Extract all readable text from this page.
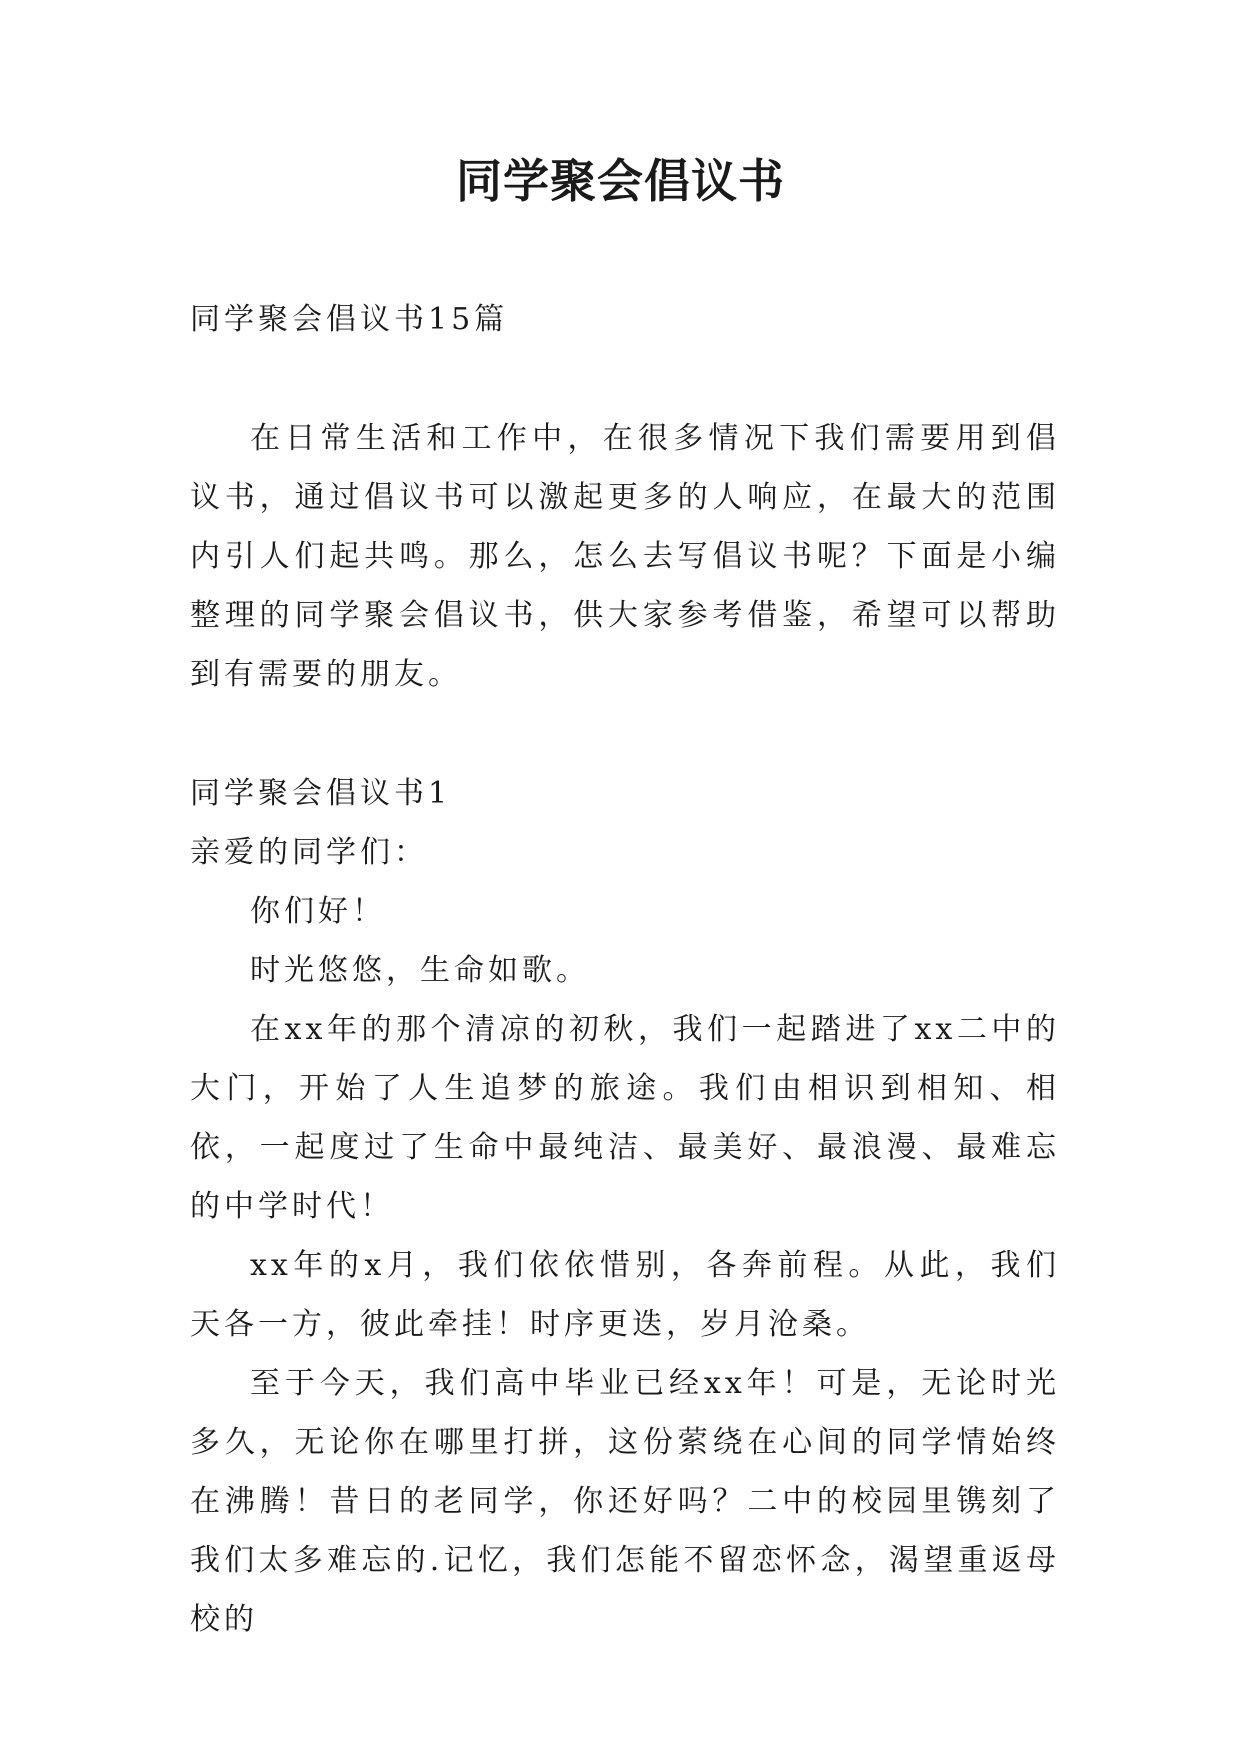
同学聚会倡议书

同学聚会倡议书15篇

在日常生活和工作中，在很多情况下我们需要用到倡议书，通过倡议书可以激起更多的人响应，在最大的范围内引人们起共鸣。那么，怎么去写倡议书呢？下面是小编整理的同学聚会倡议书，供大家参考借鉴，希望可以帮助到有需要的朋友。

同学聚会倡议书1

亲爱的同学们：

你们好！

时光悠悠，生命如歌。

在xx年的那个清凉的初秋，我们一起踏进了xx二中的大门，开始了人生追梦的旅途。我们由相识到相知、相依，一起度过了生命中最纯洁、最美好、最浪漫、最难忘的中学时代！

xx年的x月，我们依依惜别，各奔前程。从此，我们天各一方，彼此牵挂！时序更迭，岁月沧桑。

至于今天，我们高中毕业已经xx年！可是，无论时光多久，无论你在哪里打拼，这份萦绕在心间的同学情始终在沸腾！昔日的老同学，你还好吗？二中的校园里镌刻了我们太多难忘的.记忆，我们怎能不留恋怀念，渴望重返母校的
